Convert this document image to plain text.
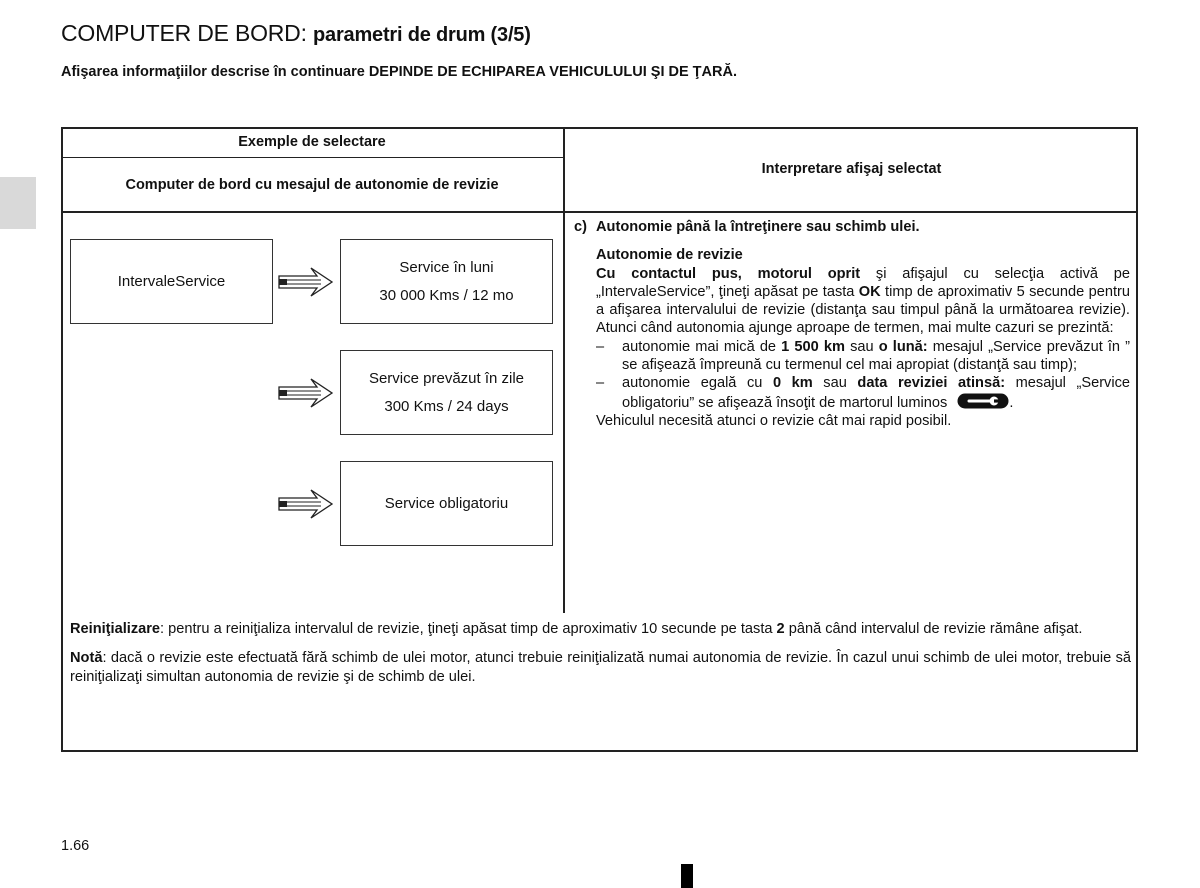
COMPUTER DE BORD: parametri de drum (3/5)
Afişarea informaţiilor descrise în continuare DEPINDE DE ECHIPAREA VEHICULULUI ŞI DE ŢARĂ.
Exemple de selectare
Computer de bord cu mesajul de autonomie de revizie
Interpretare afişaj selectat
IntervaleService
Service în luni
30 000 Kms / 12 mo
Service prevăzut în zile
300 Kms / 24 days
Service obligatoriu

c) Autonomie până la întreţinere sau schimb ulei.

Autonomie de revizie

Cu contactul pus, motorul oprit şi afişajul cu selecţia activă pe „IntervaleService”, ţineţi apăsat pe tasta OK timp de aproximativ 5 secunde pentru a afişarea intervalului de revizie (distanţa sau timpul până la următoarea revizie). Atunci când autonomia ajunge aproape de termen, mai multe cazuri se prezintă:

– autonomie mai mică de 1 500 km sau o lună: mesajul „Service prevăzut în ” se afişează împreună cu termenul cel mai apropiat (distanţă sau timp);
– autonomie egală cu 0 km sau data reviziei atinsă: mesajul „Service obligatoriu” se afişează însoţit de martorul luminos	.

Vehiculul necesită atunci o revizie cât mai rapid posibil.

Reiniţializare: pentru a reiniţializa intervalul de revizie, ţineţi apăsat timp de aproximativ 10 secunde pe tasta 2 până când intervalul de revizie rămâne afişat.

Notă: dacă o revizie este efectuată fără schimb de ulei motor, atunci trebuie reiniţializată numai autonomia de revizie. În cazul unui schimb de ulei motor, trebuie să reiniţializaţi simultan autonomia de revizie şi de schimb de ulei.

1.66
